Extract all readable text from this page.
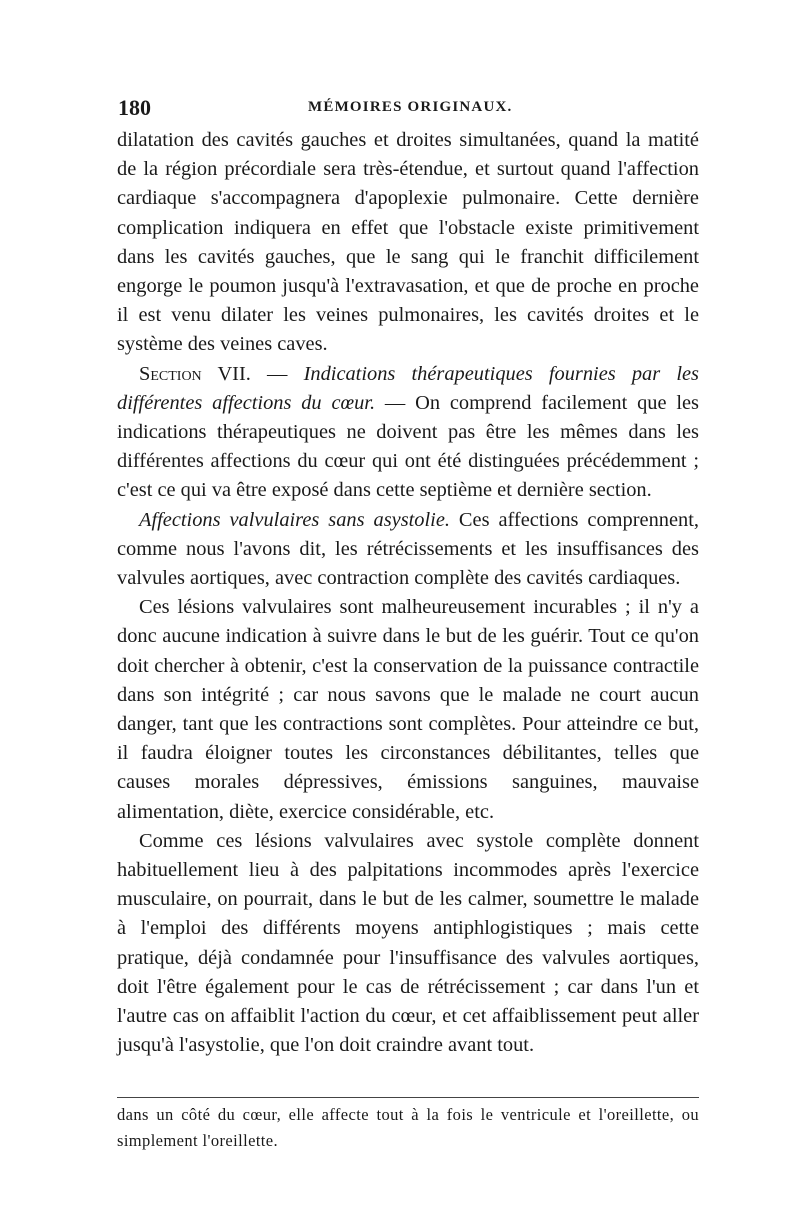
180	MÉMOIRES ORIGINAUX.

dilatation des cavités gauches et droites simultanées, quand la matité de la région précordiale sera très-étendue, et surtout quand l'affection cardiaque s'accompagnera d'apoplexie pulmonaire. Cette dernière complication indiquera en effet que l'obstacle existe primitivement dans les cavités gauches, que le sang qui le franchit difficilement engorge le poumon jusqu'à l'extravasation, et que de proche en proche il est venu dilater les veines pulmonaires, les cavités droites et le système des veines caves.

Section VII. — Indications thérapeutiques fournies par les différentes affections du cœur. — On comprend facilement que les indications thérapeutiques ne doivent pas être les mêmes dans les différentes affections du cœur qui ont été distinguées précédemment ; c'est ce qui va être exposé dans cette septième et dernière section.

Affections valvulaires sans asystolie. Ces affections comprennent, comme nous l'avons dit, les rétrécissements et les insuffisances des valvules aortiques, avec contraction complète des cavités cardiaques.

Ces lésions valvulaires sont malheureusement incurables ; il n'y a donc aucune indication à suivre dans le but de les guérir. Tout ce qu'on doit chercher à obtenir, c'est la conservation de la puissance contractile dans son intégrité ; car nous savons que le malade ne court aucun danger, tant que les contractions sont complètes. Pour atteindre ce but, il faudra éloigner toutes les circonstances débilitantes, telles que causes morales dépressives, émissions sanguines, mauvaise alimentation, diète, exercice considérable, etc.

Comme ces lésions valvulaires avec systole complète donnent habituellement lieu à des palpitations incommodes après l'exercice musculaire, on pourrait, dans le but de les calmer, soumettre le malade à l'emploi des différents moyens antiphlogistiques ; mais cette pratique, déjà condamnée pour l'insuffisance des valvules aortiques, doit l'être également pour le cas de rétrécissement ; car dans l'un et l'autre cas on affaiblit l'action du cœur, et cet affaiblissement peut aller jusqu'à l'asystolie, que l'on doit craindre avant tout.

dans un côté du cœur, elle affecte tout à la fois le ventricule et l'oreillette, ou simplement l'oreillette.
